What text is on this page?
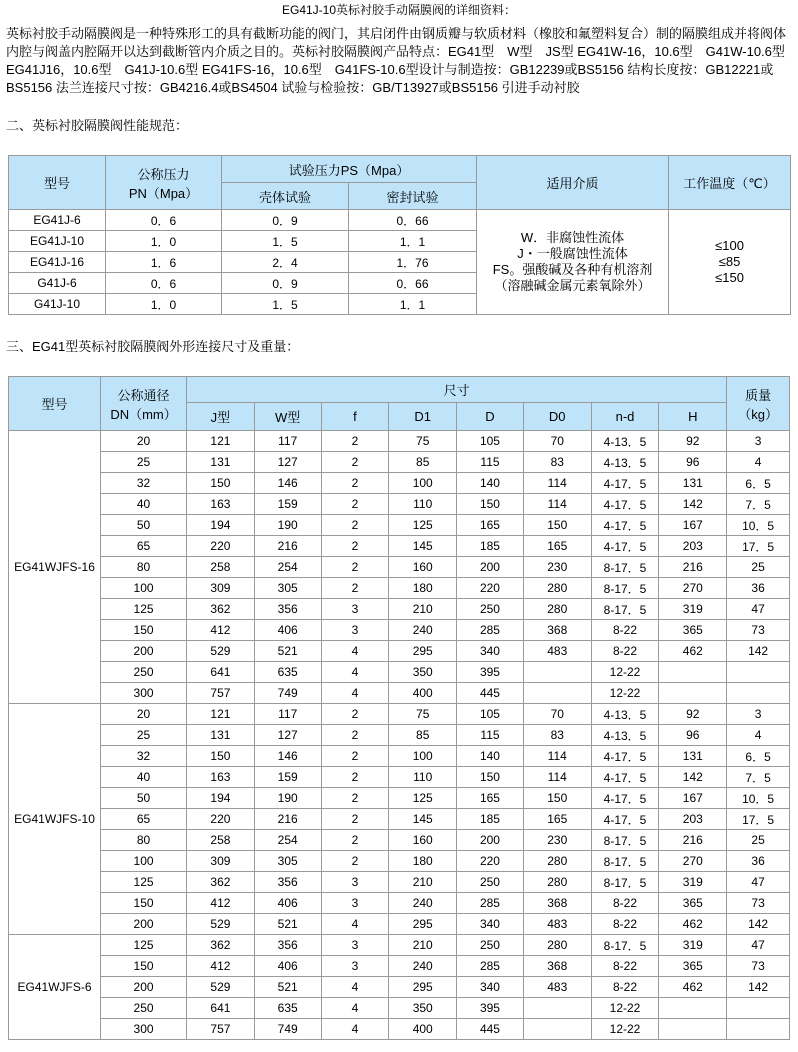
EG41J-10英标衬胶手动隔膜阀的详细资料：
英标衬胶手动隔膜阀是一种特殊形工的具有截断功能的阀门，其启闭件由钢质瓣与软质材料（橡胶和氟塑料复合）制的隔膜组成并将阀体内腔与阀盖内腔隔开以达到截断管内介质之目的。英标衬胶隔膜阀产品特点：EG41型　W型　JS型 EG41W-16，10.6型　G41W-10.6型
EG41J16，10.6型　G41J-10.6型 EG41FS-16，10.6型　G41FS-10.6型设计与制造按：GB12239或BS5156 结构长度按：GB12221或
BS5156 法兰连接尺寸按：GB4216.4或BS4504 试验与检验按：GB/T13927或BS5156 引进手动衬胶
二、英标衬胶隔膜阀性能规范：
型号	公称压力
PN（Mpa）	试验压力PS（Mpa）		适用介质	工作温度（℃）
		壳体试验	密封试验		
EG41J-6	0．6	0．9	0．66	W．非腐蚀性流体
J・一般腐蚀性流体
FS。强酸碱及各种有机溶剂
（溶融碱金属元素氧除外）	≤100
≤85
≤150
EG41J-10	1．0	1．5	1．1		
EG41J-16	1．6	2．4	1．76		
G41J-6	0．6	0．9	0．66		
G41J-10	1．0	1．5	1．1		
三、EG41型英标衬胶隔膜阀外形连接尺寸及重量：
型号	公称通径
DN（mm）	尺寸								质量
（kg）
		J型	W型	f	D1	D	D0	n-d	H	
EG41WJFS-16	20	121	117	2	75	105	70	4-13．5	92	3
	25	131	127	2	85	115	83	4-13．5	96	4
	32	150	146	2	100	140	114	4-17．5	131	6．5
	40	163	159	2	110	150	114	4-17．5	142	7．5
	50	194	190	2	125	165	150	4-17．5	167	10．5
	65	220	216	2	145	185	165	4-17．5	203	17．5
	80	258	254	2	160	200	230	8-17．5	216	25
	100	309	305	2	180	220	280	8-17．5	270	36
	125	362	356	3	210	250	280	8-17．5	319	47
	150	412	406	3	240	285	368	8-22	365	73
	200	529	521	4	295	340	483	8-22	462	142
	250	641	635	4	350	395		12-22		
	300	757	749	4	400	445		12-22		
EG41WJFS-10	20	121	117	2	75	105	70	4-13．5	92	3
	25	131	127	2	85	115	83	4-13．5	96	4
	32	150	146	2	100	140	114	4-17．5	131	6．5
	40	163	159	2	110	150	114	4-17．5	142	7．5
	50	194	190	2	125	165	150	4-17．5	167	10．5
	65	220	216	2	145	185	165	4-17．5	203	17．5
	80	258	254	2	160	200	230	8-17．5	216	25
	100	309	305	2	180	220	280	8-17．5	270	36
	125	362	356	3	210	250	280	8-17．5	319	47
	150	412	406	3	240	285	368	8-22	365	73
	200	529	521	4	295	340	483	8-22	462	142
EG41WJFS-6	125	362	356	3	210	250	280	8-17．5	319	47
	150	412	406	3	240	285	368	8-22	365	73
	200	529	521	4	295	340	483	8-22	462	142
	250	641	635	4	350	395		12-22		
	300	757	749	4	400	445		12-22		
